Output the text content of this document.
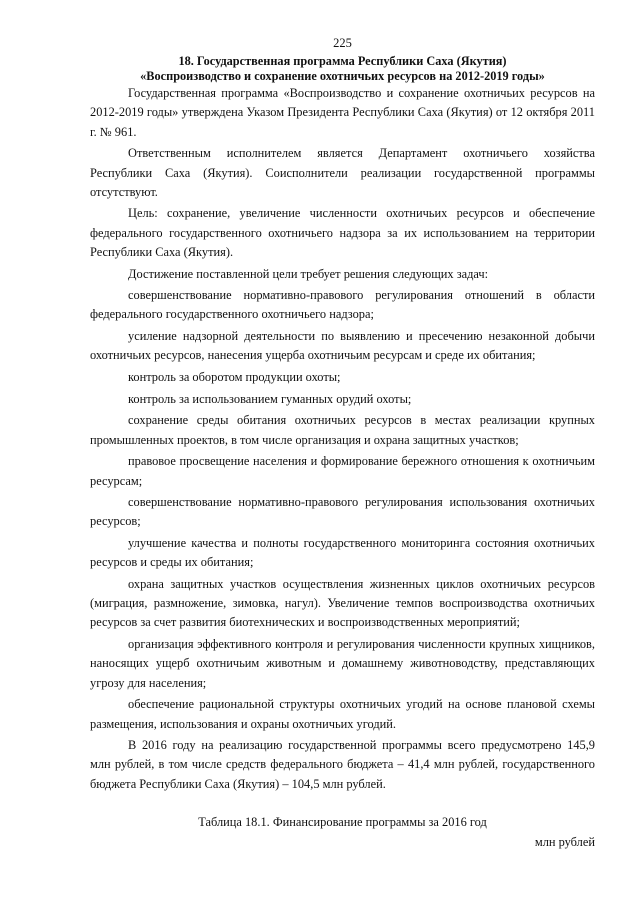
225
18. Государственная программа Республики Саха (Якутия)
«Воспроизводство и сохранение охотничьих ресурсов на 2012-2019 годы»

Государственная программа «Воспроизводство и сохранение охотничьих ресурсов на 2012-2019 годы» утверждена Указом Президента Республики Саха (Якутия) от 12 октября 2011 г. № 961.

Ответственным исполнителем является Департамент охотничьего хозяйства Республики Саха (Якутия). Соисполнители реализации государственной программы отсутствуют.

Цель: сохранение, увеличение численности охотничьих ресурсов и обеспечение федерального государственного охотничьего надзора за их использованием на территории Республики Саха (Якутия).

Достижение поставленной цели требует решения следующих задач:

совершенствование нормативно-правового регулирования отношений в области федерального государственного охотничьего надзора;

усиление надзорной деятельности по выявлению и пресечению незаконной добычи охотничьих ресурсов, нанесения ущерба охотничьим ресурсам и среде их обитания;

контроль за оборотом продукции охоты;

контроль за использованием гуманных орудий охоты;

сохранение среды обитания охотничьих ресурсов в местах реализации крупных промышленных проектов, в том числе организация и охрана защитных участков;

правовое просвещение населения и формирование бережного отношения к охотничьим ресурсам;

совершенствование нормативно-правового регулирования использования охотничьих ресурсов;

улучшение качества и полноты государственного мониторинга состояния охотничьих ресурсов и среды их обитания;

охрана защитных участков осуществления жизненных циклов охотничьих ресурсов (миграция, размножение, зимовка, нагул). Увеличение темпов воспроизводства охотничьих ресурсов за счет развития биотехнических и воспроизводственных мероприятий;

организация эффективного контроля и регулирования численности крупных хищников, наносящих ущерб охотничьим животным и домашнему животноводству, представляющих угрозу для населения;

обеспечение рациональной структуры охотничьих угодий на основе плановой схемы размещения, использования и охраны охотничьих угодий.

В 2016 году на реализацию государственной программы всего предусмотрено 145,9 млн рублей, в том числе средств федерального бюджета – 41,4 млн рублей, государственного бюджета Республики Саха (Якутия) – 104,5 млн рублей.

Таблица 18.1. Финансирование программы за 2016 год
млн рублей
